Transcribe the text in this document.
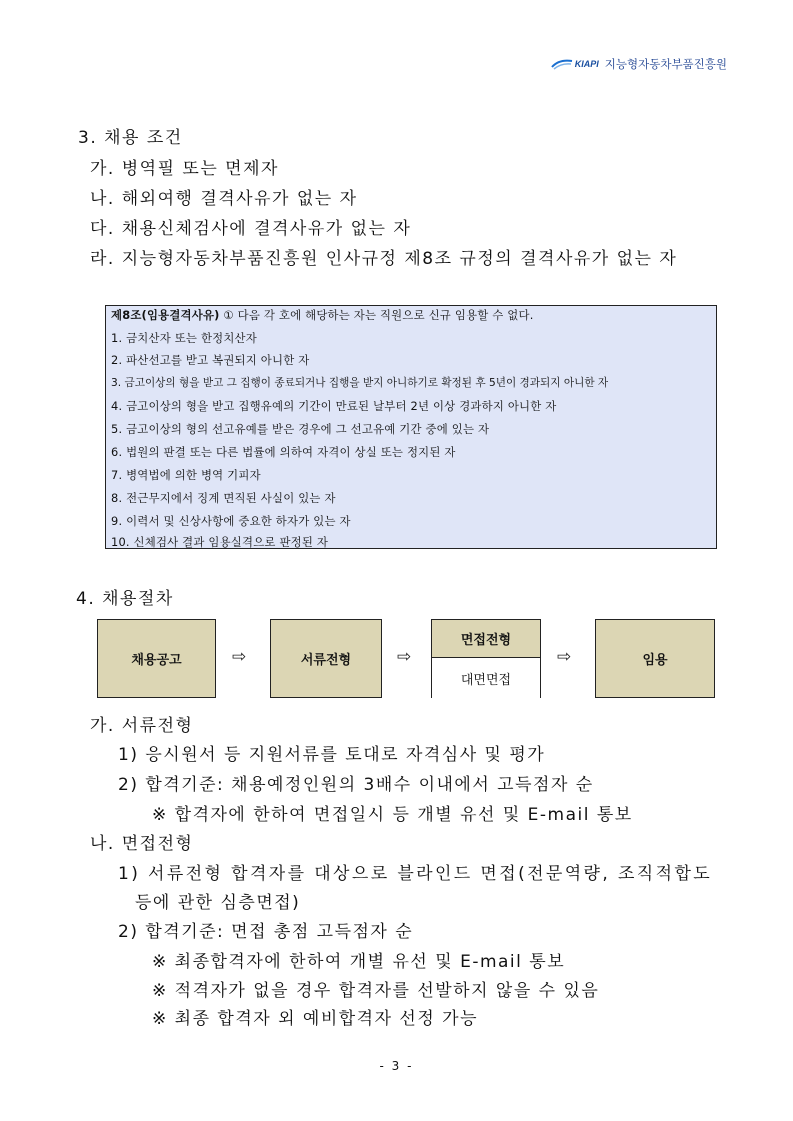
KIAPI 지능형자동차부품진흥원
3. 채용 조건
가. 병역필 또는 면제자
나. 해외여행 결격사유가 없는 자
다. 채용신체검사에 결격사유가 없는 자
라. 지능형자동차부품진흥원 인사규정 제8조 규정의 결격사유가 없는 자
제8조(임용결격사유) ① 다음 각 호에 해당하는 자는 직원으로 신규 임용할 수 없다.
1. 금치산자 또는 한정치산자
2. 파산선고를 받고 복권되지 아니한 자
3. 금고이상의 형을 받고 그 집행이 종료되거나 집행을 받지 아니하기로 확정된 후 5년이 경과되지 아니한 자
4. 금고이상의 형을 받고 집행유예의 기간이 만료된 날부터 2년 이상 경과하지 아니한 자
5. 금고이상의 형의 선고유예를 받은 경우에 그 선고유예 기간 중에 있는 자
6. 법원의 판결 또는 다른 법률에 의하여 자격이 상실 또는 정지된 자
7. 병역법에 의한 병역 기피자
8. 전근무지에서 징계 면직된 사실이 있는 자
9. 이력서 및 신상사항에 중요한 하자가 있는 자
10. 신체검사 결과 임용실격으로 판정된 자
4. 채용절차
채용공고	⇨	서류전형	⇨
면접전형
대면면접
⇨	임용
가. 서류전형
1) 응시원서 등 지원서류를 토대로 자격심사 및 평가
2) 합격기준: 채용예정인원의 3배수 이내에서 고득점자 순
※ 합격자에 한하여 면접일시 등 개별 유선 및 E-mail 통보
나. 면접전형
1) 서류전형 합격자를 대상으로 블라인드 면접(전문역량, 조직적합도
등에 관한 심층면접)
2) 합격기준: 면접 총점 고득점자 순
※ 최종합격자에 한하여 개별 유선 및 E-mail 통보
※ 적격자가 없을 경우 합격자를 선발하지 않을 수 있음
※ 최종 합격자 외 예비합격자 선정 가능
- 3 -
